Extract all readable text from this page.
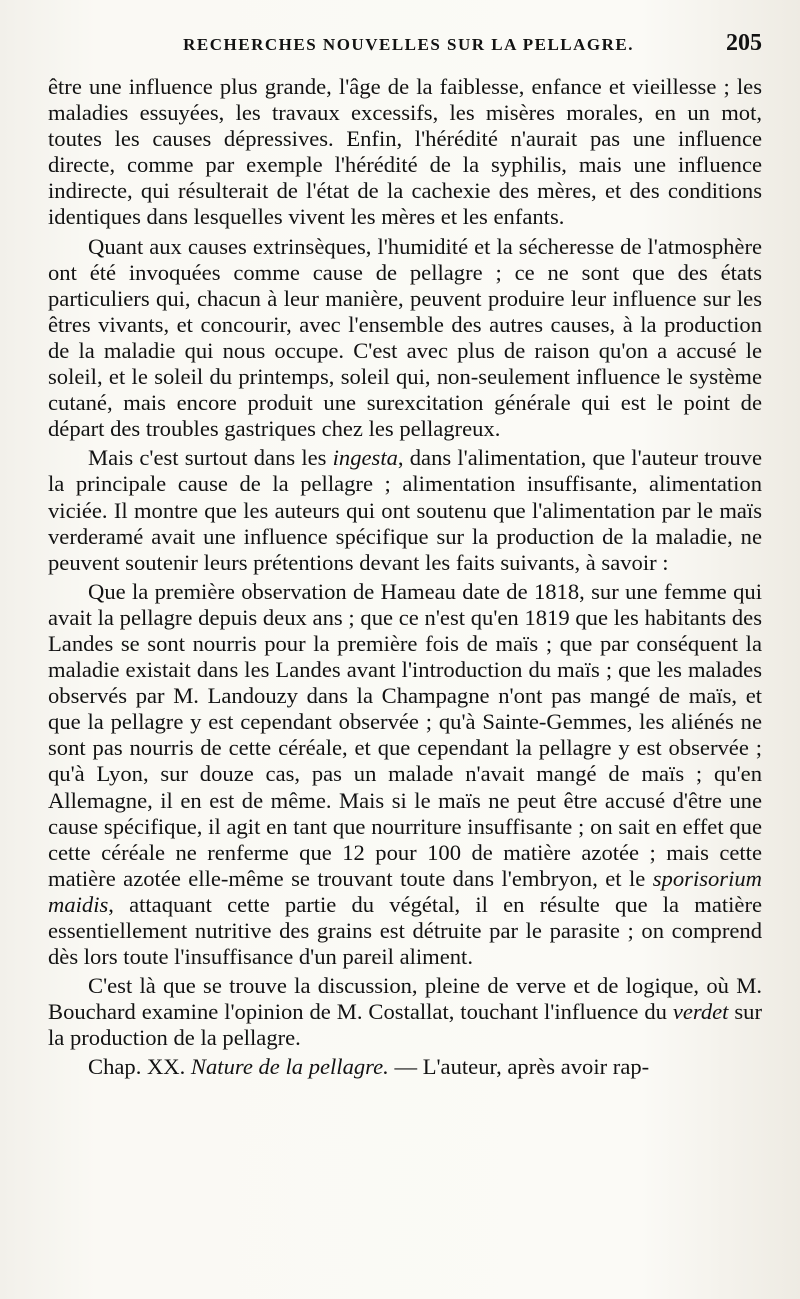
RECHERCHES NOUVELLES SUR LA PELLAGRE.	205

être une influence plus grande, l'âge de la faiblesse, enfance et vieillesse ; les maladies essuyées, les travaux excessifs, les misères morales, en un mot, toutes les causes dépressives. Enfin, l'hérédité n'aurait pas une influence directe, comme par exemple l'hérédité de la syphilis, mais une influence indirecte, qui résulterait de l'état de la cachexie des mères, et des conditions identiques dans lesquelles vivent les mères et les enfants.

Quant aux causes extrinsèques, l'humidité et la sécheresse de l'atmosphère ont été invoquées comme cause de pellagre ; ce ne sont que des états particuliers qui, chacun à leur manière, peuvent produire leur influence sur les êtres vivants, et concourir, avec l'ensemble des autres causes, à la production de la maladie qui nous occupe. C'est avec plus de raison qu'on a accusé le soleil, et le soleil du printemps, soleil qui, non-seulement influence le système cutané, mais encore produit une surexcitation générale qui est le point de départ des troubles gastriques chez les pellagreux.

Mais c'est surtout dans les ingesta, dans l'alimentation, que l'auteur trouve la principale cause de la pellagre ; alimentation insuffisante, alimentation viciée. Il montre que les auteurs qui ont soutenu que l'alimentation par le maïs verderamé avait une influence spécifique sur la production de la maladie, ne peuvent soutenir leurs prétentions devant les faits suivants, à savoir :

Que la première observation de Hameau date de 1818, sur une femme qui avait la pellagre depuis deux ans ; que ce n'est qu'en 1819 que les habitants des Landes se sont nourris pour la première fois de maïs ; que par conséquent la maladie existait dans les Landes avant l'introduction du maïs ; que les malades observés par M. Landouzy dans la Champagne n'ont pas mangé de maïs, et que la pellagre y est cependant observée ; qu'à Sainte-Gemmes, les aliénés ne sont pas nourris de cette céréale, et que cependant la pellagre y est observée ; qu'à Lyon, sur douze cas, pas un malade n'avait mangé de maïs ; qu'en Allemagne, il en est de même. Mais si le maïs ne peut être accusé d'être une cause spécifique, il agit en tant que nourriture insuffisante ; on sait en effet que cette céréale ne renferme que 12 pour 100 de matière azotée ; mais cette matière azotée elle-même se trouvant toute dans l'embryon, et le sporisorium maidis, attaquant cette partie du végétal, il en résulte que la matière essentiellement nutritive des grains est détruite par le parasite ; on comprend dès lors toute l'insuffisance d'un pareil aliment.

C'est là que se trouve la discussion, pleine de verve et de logique, où M. Bouchard examine l'opinion de M. Costallat, touchant l'influence du verdet sur la production de la pellagre.

Chap. XX. Nature de la pellagre. — L'auteur, après avoir rap-
